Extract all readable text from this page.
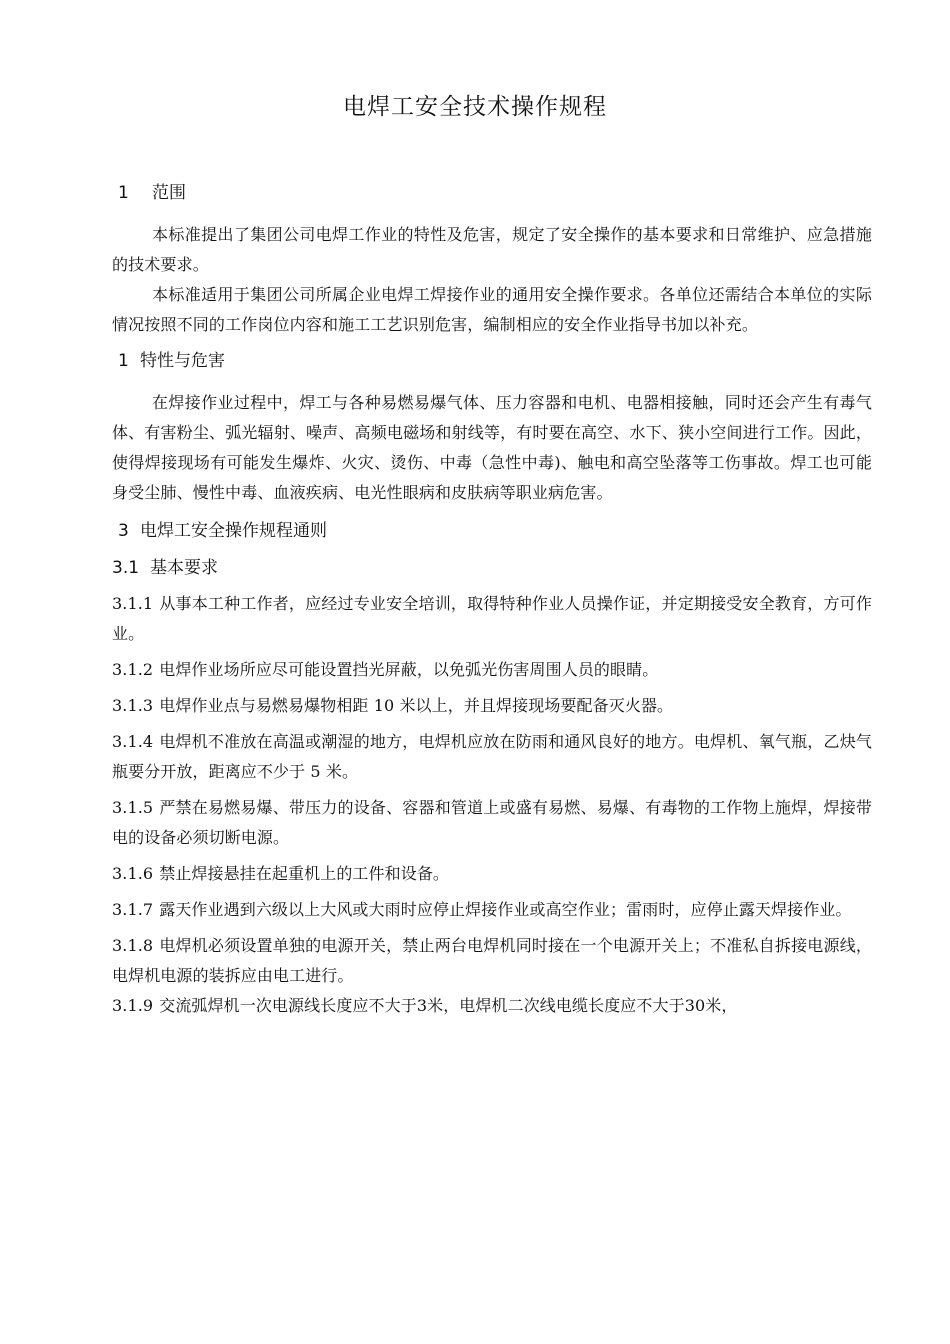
电焊工安全技术操作规程
1 范围

本标准提出了集团公司电焊工作业的特性及危害，规定了安全操作的基本要求和日常维护、应急措施的技术要求。

本标准适用于集团公司所属企业电焊工焊接作业的通用安全操作要求。各单位还需结合本单位的实际情况按照不同的工作岗位内容和施工工艺识别危害，编制相应的安全作业指导书加以补充。

1 特性与危害

在焊接作业过程中，焊工与各种易燃易爆气体、压力容器和电机、电器相接触，同时还会产生有毒气体、有害粉尘、弧光辐射、噪声、高频电磁场和射线等，有时要在高空、水下、狭小空间进行工作。因此，使得焊接现场有可能发生爆炸、火灾、烫伤、中毒（急性中毒)、触电和高空坠落等工伤事故。焊工也可能身受尘肺、慢性中毒、血液疾病、电光性眼病和皮肤病等职业病危害。

3 电焊工安全操作规程通则
3.1 基本要求

3.1.1 从事本工种工作者，应经过专业安全培训，取得特种作业人员操作证，并定期接受安全教育，方可作业。

3.1.2 电焊作业场所应尽可能设置挡光屏蔽，以免弧光伤害周围人员的眼睛。

3.1.3 电焊作业点与易燃易爆物相距 10 米以上，并且焊接现场要配备灭火器。

3.1.4 电焊机不准放在高温或潮湿的地方，电焊机应放在防雨和通风良好的地方。电焊机、氧气瓶，乙炔气瓶要分开放，距离应不少于 5 米。

3.1.5 严禁在易燃易爆、带压力的设备、容器和管道上或盛有易燃、易爆、有毒物的工作物上施焊，焊接带电的设备必须切断电源。

3.1.6 禁止焊接悬挂在起重机上的工件和设备。

3.1.7 露天作业遇到六级以上大风或大雨时应停止焊接作业或高空作业；雷雨时，应停止露天焊接作业。

3.1.8 电焊机必须设置单独的电源开关，禁止两台电焊机同时接在一个电源开关上；不准私自拆接电源线，电焊机电源的装拆应由电工进行。

3.1.9 交流弧焊机一次电源线长度应不大于3米，电焊机二次线电缆长度应不大于30米，
